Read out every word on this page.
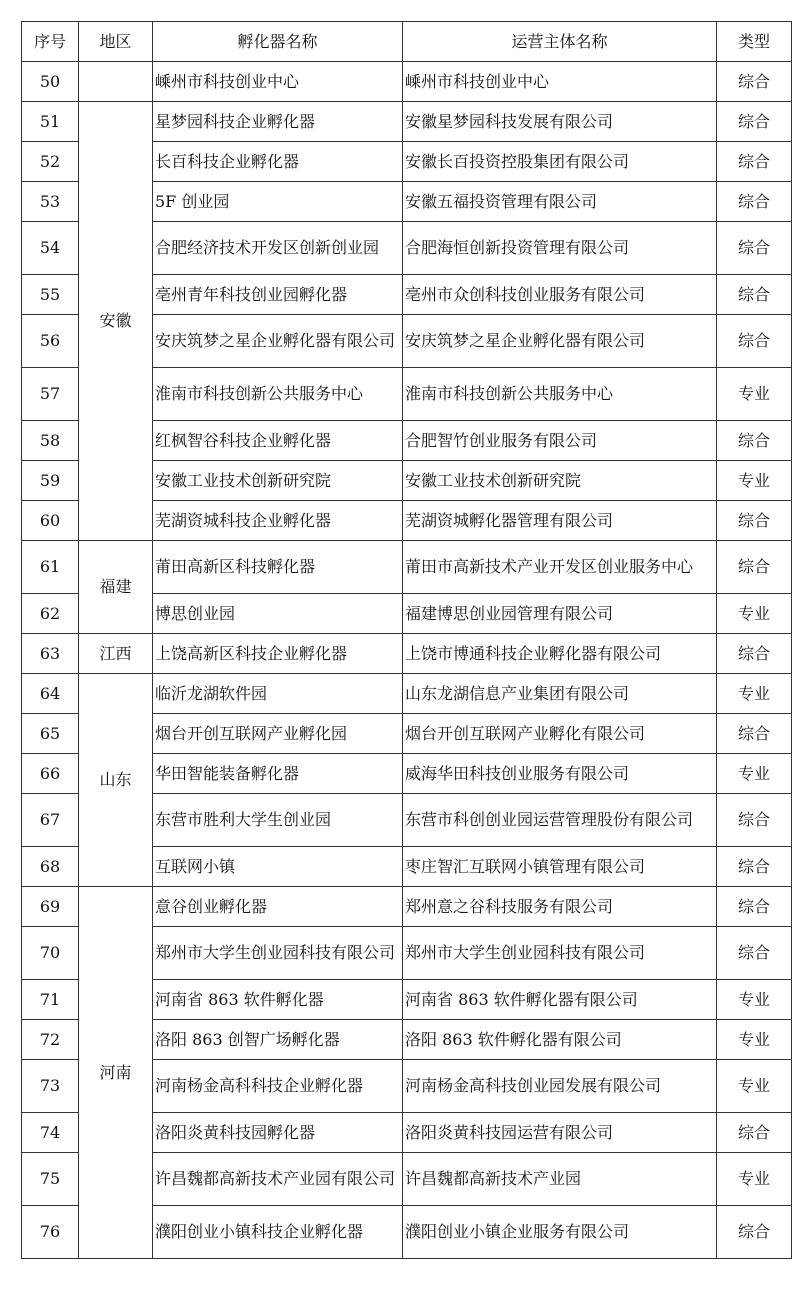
序号	地区	孵化器名称	运营主体名称	类型
50		嵊州市科技创业中心	嵊州市科技创业中心	综合
51	安徽	星梦园科技企业孵化器	安徽星梦园科技发展有限公司	综合
52		长百科技企业孵化器	安徽长百投资控股集团有限公司	综合
53		5F 创业园	安徽五福投资管理有限公司	综合
54		合肥经济技术开发区创新创业园	合肥海恒创新投资管理有限公司	综合
55		亳州青年科技创业园孵化器	亳州市众创科技创业服务有限公司	综合
56		安庆筑梦之星企业孵化器有限公司	安庆筑梦之星企业孵化器有限公司	综合
57		淮南市科技创新公共服务中心	淮南市科技创新公共服务中心	专业
58		红枫智谷科技企业孵化器	合肥智竹创业服务有限公司	综合
59		安徽工业技术创新研究院	安徽工业技术创新研究院	专业
60		芜湖资城科技企业孵化器	芜湖资城孵化器管理有限公司	综合
61	福建	莆田高新区科技孵化器	莆田市高新技术产业开发区创业服务中心	综合
62		博思创业园	福建博思创业园管理有限公司	专业
63	江西	上饶高新区科技企业孵化器	上饶市博通科技企业孵化器有限公司	综合
64	山东	临沂龙湖软件园	山东龙湖信息产业集团有限公司	专业
65		烟台开创互联网产业孵化园	烟台开创互联网产业孵化有限公司	综合
66		华田智能装备孵化器	威海华田科技创业服务有限公司	专业
67		东营市胜利大学生创业园	东营市科创创业园运营管理股份有限公司	综合
68		互联网小镇	枣庄智汇互联网小镇管理有限公司	综合
69	河南	意谷创业孵化器	郑州意之谷科技服务有限公司	综合
70		郑州市大学生创业园科技有限公司	郑州市大学生创业园科技有限公司	综合
71		河南省 863 软件孵化器	河南省 863 软件孵化器有限公司	专业
72		洛阳 863 创智广场孵化器	洛阳 863 软件孵化器有限公司	专业
73		河南杨金高科科技企业孵化器	河南杨金高科技创业园发展有限公司	专业
74		洛阳炎黄科技园孵化器	洛阳炎黄科技园运营有限公司	综合
75		许昌魏都高新技术产业园有限公司	许昌魏都高新技术产业园	专业
76		濮阳创业小镇科技企业孵化器	濮阳创业小镇企业服务有限公司	综合
